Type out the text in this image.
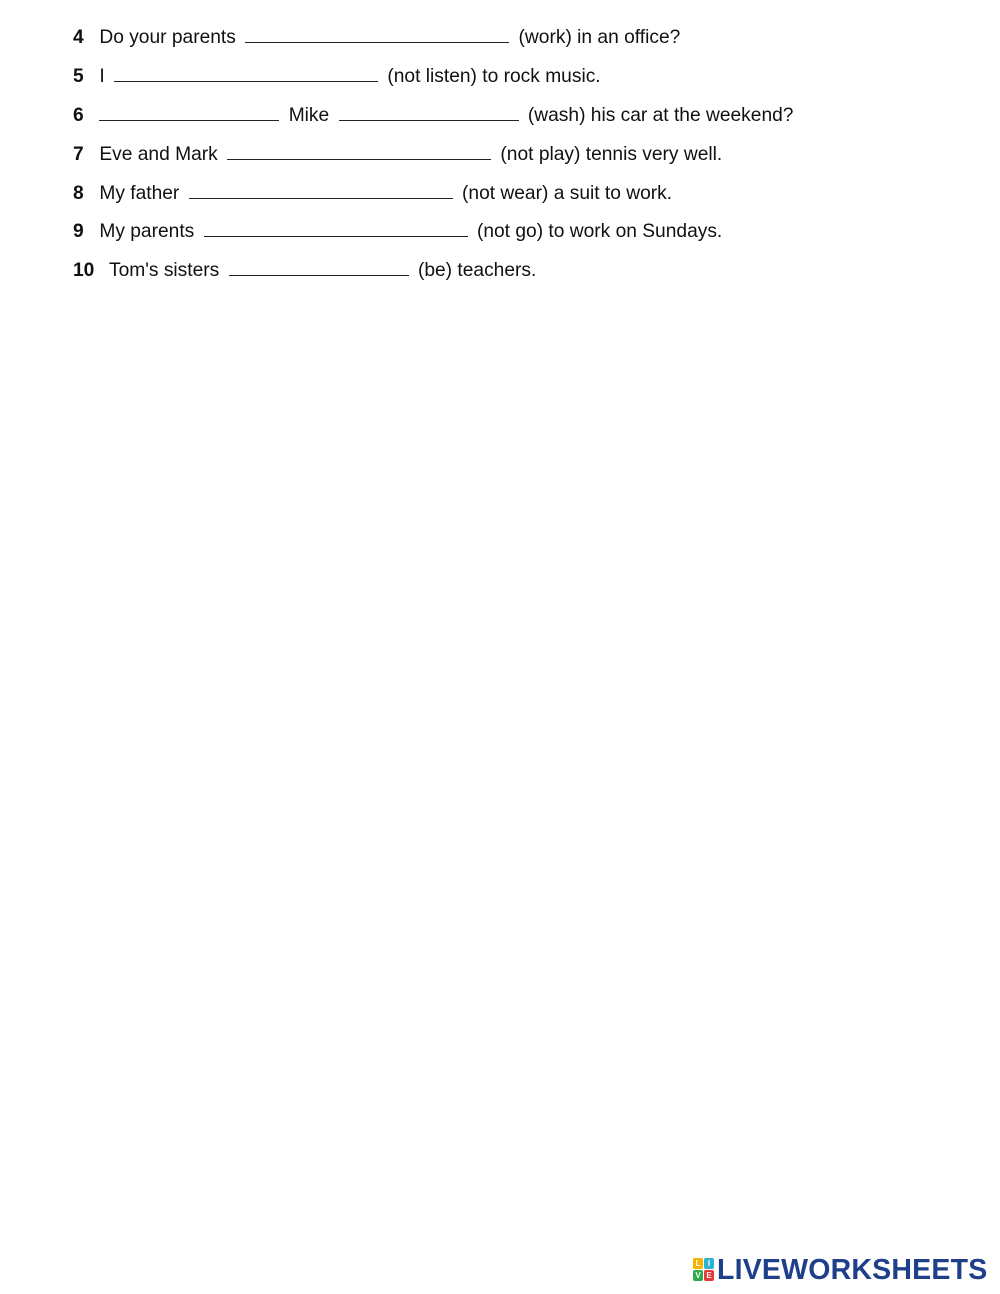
4 Do your parents	(work) in an office?
5 I	(not listen) to rock music.
6	Mike	(wash) his car at the weekend?
7 Eve and Mark	(not play) tennis very well.
8 My father	(not wear) a suit to work.
9 My parents	(not go) to work on Sundays.
10 Tom's sisters	(be) teachers.
L I
V E LIVEWORKSHEETS
